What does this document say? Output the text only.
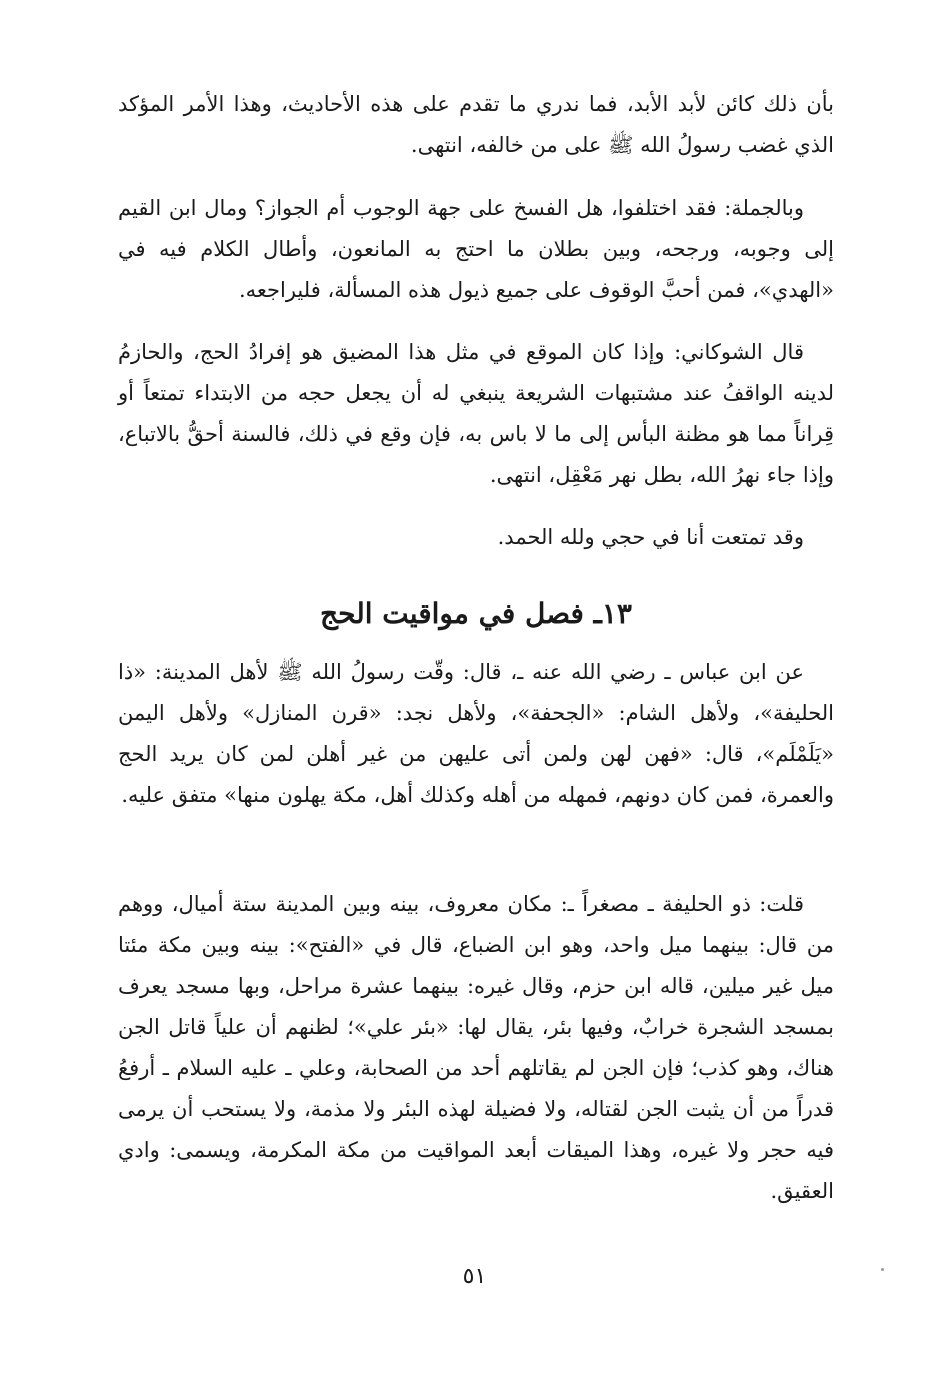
بأن ذلك كائن لأبد الأبد، فما ندري ما تقدم على هذه الأحاديث، وهذا الأمر المؤكد الذي غضب رسولُ الله ﷺ على من خالفه، انتهى.

وبالجملة: فقد اختلفوا، هل الفسخ على جهة الوجوب أم الجواز؟ ومال ابن القيم إلى وجوبه، ورجحه، وبين بطلان ما احتج به المانعون، وأطال الكلام فيه في «الهدي»، فمن أحبَّ الوقوف على جميع ذيول هذه المسألة، فليراجعه.

قال الشوكاني: وإذا كان الموقع في مثل هذا المضيق هو إفرادُ الحج، والحازمُ لدينه الواقفُ عند مشتبهات الشريعة ينبغي له أن يجعل حجه من الابتداء تمتعاً أو قِراناً مما هو مظنة البأس إلى ما لا باس به، فإن وقع في ذلك، فالسنة أحقُّ بالاتباع، وإذا جاء نهرُ الله، بطل نهر مَعْقِل، انتهى.

وقد تمتعت أنا في حجي ولله الحمد.

١٣ـ فصل في مواقيت الحج

عن ابن عباس ـ رضي الله عنه ـ، قال: وقّت رسولُ الله ﷺ لأهل المدينة: «ذا الحليفة»، ولأهل الشام: «الجحفة»، ولأهل نجد: «قرن المنازل» ولأهل اليمن «يَلَمْلَم»، قال: «فهن لهن ولمن أتى عليهن من غير أهلن لمن كان يريد الحج والعمرة، فمن كان دونهم، فمهله من أهله وكذلك أهل، مكة يهلون منها» متفق عليه.

قلت: ذو الحليفة ـ مصغراً ـ: مكان معروف، بينه وبين المدينة ستة أميال، ووهم من قال: بينهما ميل واحد، وهو ابن الضباع، قال في «الفتح»: بينه وبين مكة مئتا ميل غير ميلين، قاله ابن حزم، وقال غيره: بينهما عشرة مراحل، وبها مسجد يعرف بمسجد الشجرة خرابٌ، وفيها بئر، يقال لها: «بئر علي»؛ لظنهم أن علياً قاتل الجن هناك، وهو كذب؛ فإن الجن لم يقاتلهم أحد من الصحابة، وعلي ـ عليه السلام ـ أرفعُ قدراً من أن يثبت الجن لقتاله، ولا فضيلة لهذه البئر ولا مذمة، ولا يستحب أن يرمى فيه حجر ولا غيره، وهذا الميقات أبعد المواقيت من مكة المكرمة، ويسمى: وادي العقيق.

٥١
